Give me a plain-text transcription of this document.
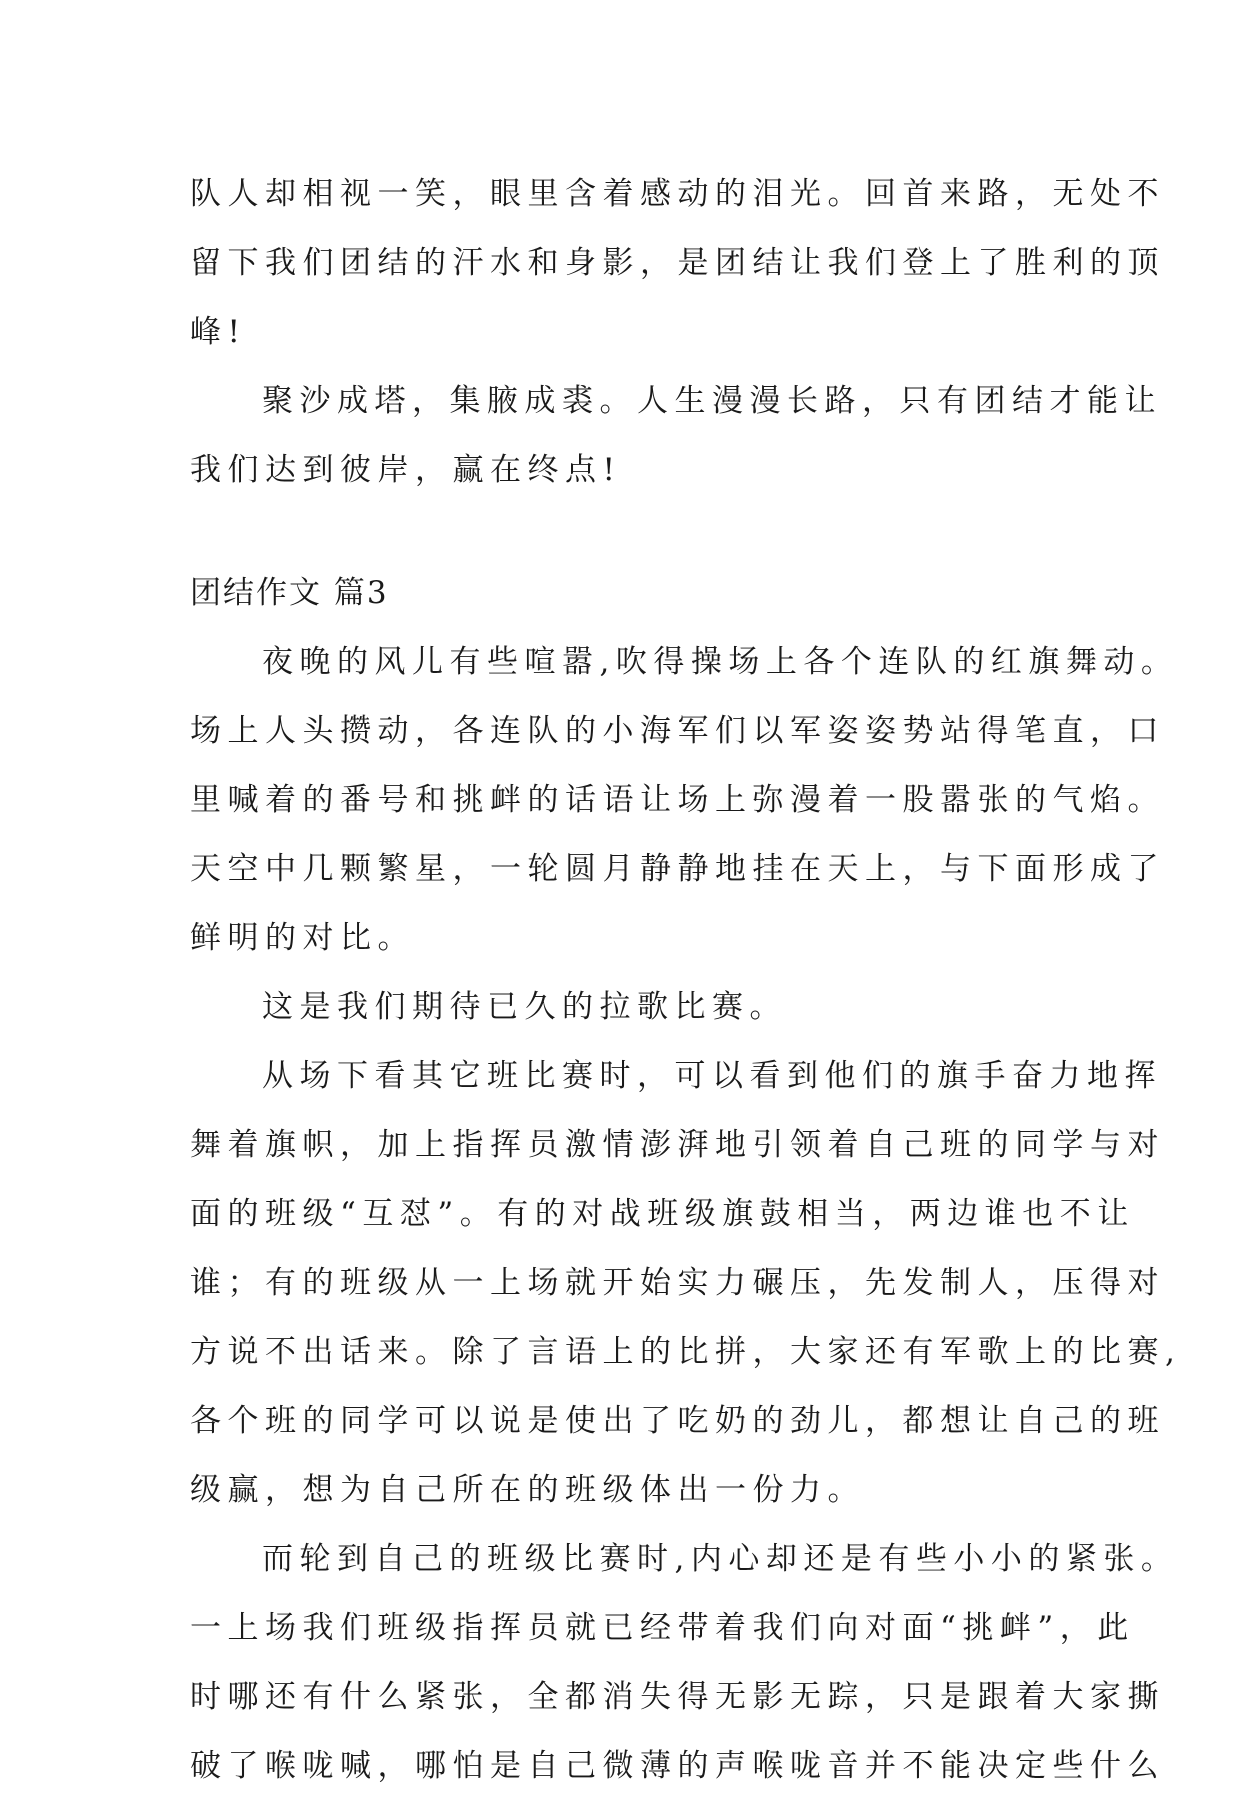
队人却相视一笑，眼里含着感动的泪光。回首来路，无处不
留下我们团结的汗水和身影，是团结让我们登上了胜利的顶
峰!
聚沙成塔，集腋成裘。人生漫漫长路，只有团结才能让
我们达到彼岸，赢在终点!
团结作文 篇3
夜晚的风儿有些喧嚣,吹得操场上各个连队的红旗舞动。
场上人头攒动，各连队的小海军们以军姿姿势站得笔直，口
里喊着的番号和挑衅的话语让场上弥漫着一股嚣张的气焰。
天空中几颗繁星，一轮圆月静静地挂在天上，与下面形成了
鲜明的对比。
这是我们期待已久的拉歌比赛。
从场下看其它班比赛时，可以看到他们的旗手奋力地挥
舞着旗帜，加上指挥员激情澎湃地引领着自己班的同学与对
面的班级“互怼”。有的对战班级旗鼓相当，两边谁也不让
谁；有的班级从一上场就开始实力碾压，先发制人，压得对
方说不出话来。除了言语上的比拼，大家还有军歌上的比赛,
各个班的同学可以说是使出了吃奶的劲儿，都想让自己的班
级赢，想为自己所在的班级体出一份力。
而轮到自己的班级比赛时,内心却还是有些小小的紧张。
一上场我们班级指挥员就已经带着我们向对面“挑衅”，此
时哪还有什么紧张，全都消失得无影无踪，只是跟着大家撕
破了喉咙喊，哪怕是自己微薄的声喉咙音并不能决定些什么
